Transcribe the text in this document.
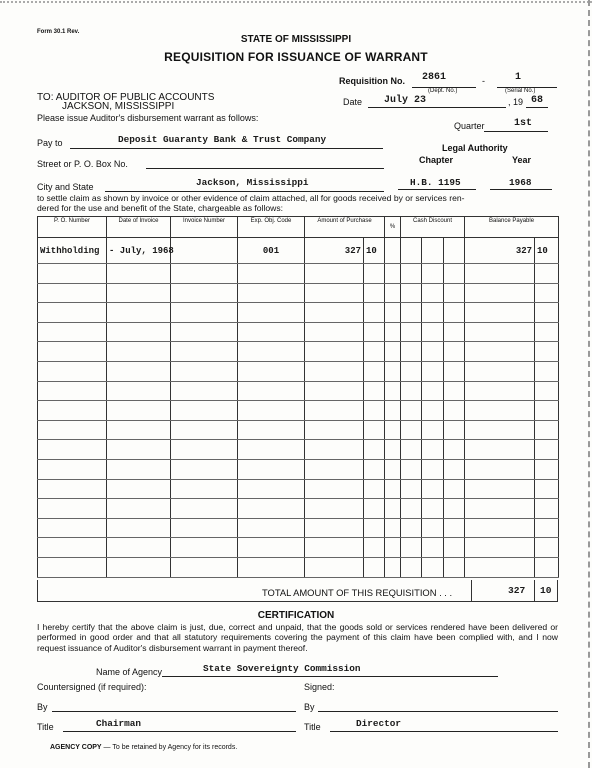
Form 30.1 Rev.
STATE OF MISSISSIPPI
REQUISITION FOR ISSUANCE OF WARRANT
Requisition No. 2861	-	1
(Dept. No.)	(Serial No.)
TO: AUDITOR OF PUBLIC ACCOUNTS
JACKSON, MISSISSIPPI
Please issue Auditor's disbursement warrant as follows:
Date July 23	, 19 68
Quarter	1st
Pay to	Deposit Guaranty Bank & Trust Company
Legal Authority
Chapter	Year
Street or P. O. Box No.
City and State	Jackson, Mississippi	H.B. 1195	1968
to settle claim as shown by invoice or other evidence of claim attached, all for goods received by or services ren-
dered for the use and benefit of the State, chargeable as follows:
P. O. Number	Date of Invoice	Invoice Number	Exp. Obj. Code	Amount of Purchase		%	Cash Discount			Balance Payable	
Withholding	- July, 1968		001	327	10					327	10

TOTAL AMOUNT OF THIS REQUISITION . . .	327 10
CERTIFICATION
I hereby certify that the above claim is just, due, correct and unpaid, that the goods sold or services rendered have been delivered or performed in good order and that all statutory requirements covering the payment of this claim have been complied with, and I now request issuance of Auditor's disbursement warrant in payment thereof.
Name of Agency	State Sovereignty Commission
Countersigned (if required):	Signed:
By	By
Title	Chairman	Title	Director
AGENCY COPY — To be retained by Agency for its records.
